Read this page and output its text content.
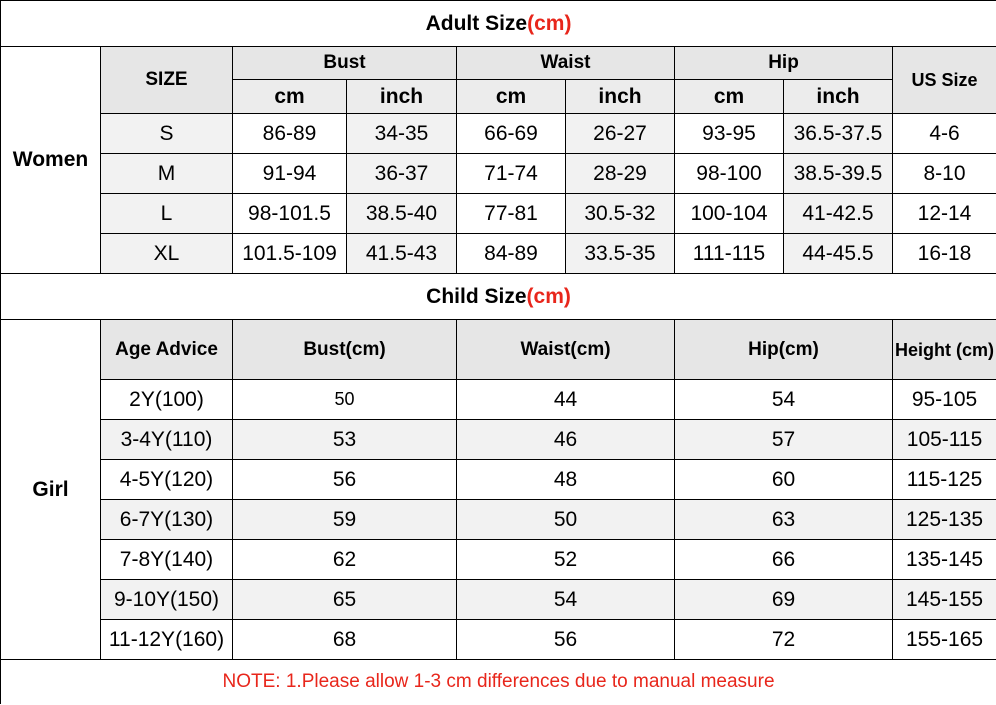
Adult Size(cm)								
Women	SIZE	Bust		Waist		Hip		US Size
		cm	inch	cm	inch	cm	inch	
	S	86-89	34-35	66-69	26-27	93-95	36.5-37.5	4-6
	M	91-94	36-37	71-74	28-29	98-100	38.5-39.5	8-10
	L	98-101.5	38.5-40	77-81	30.5-32	100-104	41-42.5	12-14
	XL	101.5-109	41.5-43	84-89	33.5-35	111-115	44-45.5	16-18
Child Size(cm)								
Girl	Age Advice	Bust(cm)		Waist(cm)		Hip(cm)		Height (cm)
	2Y(100)	50		44		54		95-105
	3-4Y(110)	53		46		57		105-115
	4-5Y(120)	56		48		60		115-125
	6-7Y(130)	59		50		63		125-135
	7-8Y(140)	62		52		66		135-145
	9-10Y(150)	65		54		69		145-155
	11-12Y(160)	68		56		72		155-165
NOTE: 1.Please allow 1-3 cm differences due to manual measure								
